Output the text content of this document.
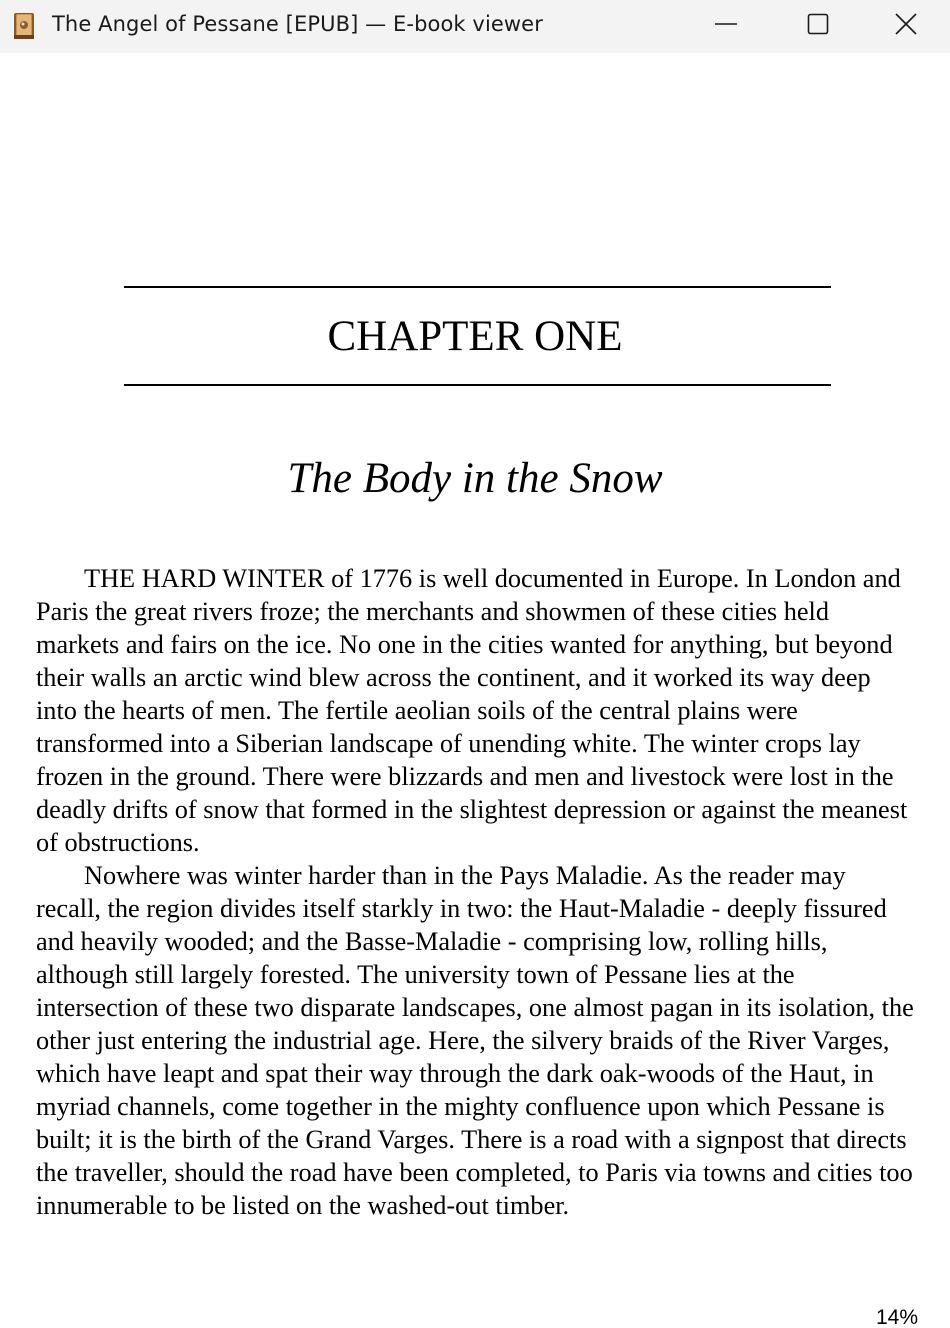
The Angel of Pessane [EPUB] — E-book viewer
CHAPTER ONE
The Body in the Snow

THE HARD WINTER of 1776 is well documented in Europe. In London and Paris the great rivers froze; the merchants and showmen of these cities held markets and fairs on the ice. No one in the cities wanted for anything, but beyond their walls an arctic wind blew across the continent, and it worked its way deep into the hearts of men. The fertile aeolian soils of the central plains were transformed into a Siberian landscape of unending white. The winter crops lay frozen in the ground. There were blizzards and men and livestock were lost in the deadly drifts of snow that formed in the slightest depression or against the meanest of obstructions.

Nowhere was winter harder than in the Pays Maladie. As the reader may recall, the region divides itself starkly in two: the Haut-Maladie - deeply fissured and heavily wooded; and the Basse-Maladie - comprising low, rolling hills, although still largely forested. The university town of Pessane lies at the intersection of these two disparate landscapes, one almost pagan in its isolation, the other just entering the industrial age. Here, the silvery braids of the River Varges, which have leapt and spat their way through the dark oak-woods of the Haut, in myriad channels, come together in the mighty confluence upon which Pessane is built; it is the birth of the Grand Varges. There is a road with a signpost that directs the traveller, should the road have been completed, to Paris via towns and cities too innumerable to be listed on the washed-out timber.

14%
